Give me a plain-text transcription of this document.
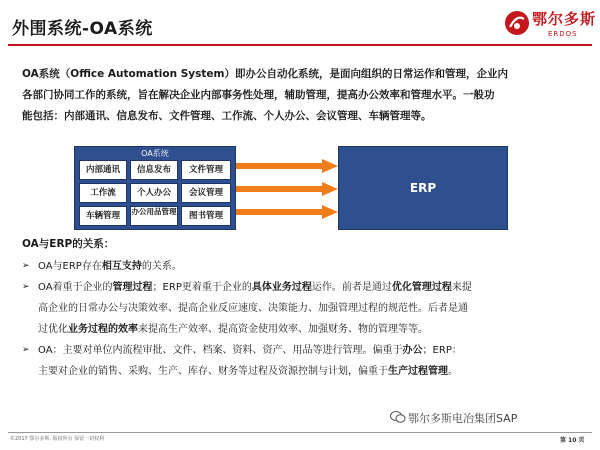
外围系统-OA系统	鄂尔多斯
ERDOS
OA系统（Office Automation System）即办公自动化系统，是面向组织的日常运作和管理，企业内
各部门协同工作的系统，旨在解决企业内部事务性处理，辅助管理，提高办公效率和管理水平。一般功
能包括：内部通讯、信息发布、文件管理、工作流、个人办公、会议管理、车辆管理等。
OA系统
内部通讯	信息发布	文件管理
工作流	个人办公	会议管理
车辆管理	办公用品管理	图书管理
ERP
OA与ERP的关系：
➢ OA与ERP存在相互支持的关系。
➢ OA着重于企业的管理过程；ERP更着重于企业的具体业务过程运作。前者是通过优化管理过程来提
高企业的日常办公与决策效率、提高企业反应速度、决策能力、加强管理过程的规范性。后者是通
过优化业务过程的效率来提高生产效率、提高资金使用效率、加强财务、物的管理等等。
➢ OA：主要对单位内流程审批、文件、档案、资料、资产、用品等进行管理。偏重于办公；ERP：
主要对企业的销售、采购、生产、库存、财务等过程及资源控制与计划，偏重于生产过程管理。
鄂尔多斯电冶集团SAP
©2017 鄂尔多斯. 版权所有 保留一切权利	第 10 页
